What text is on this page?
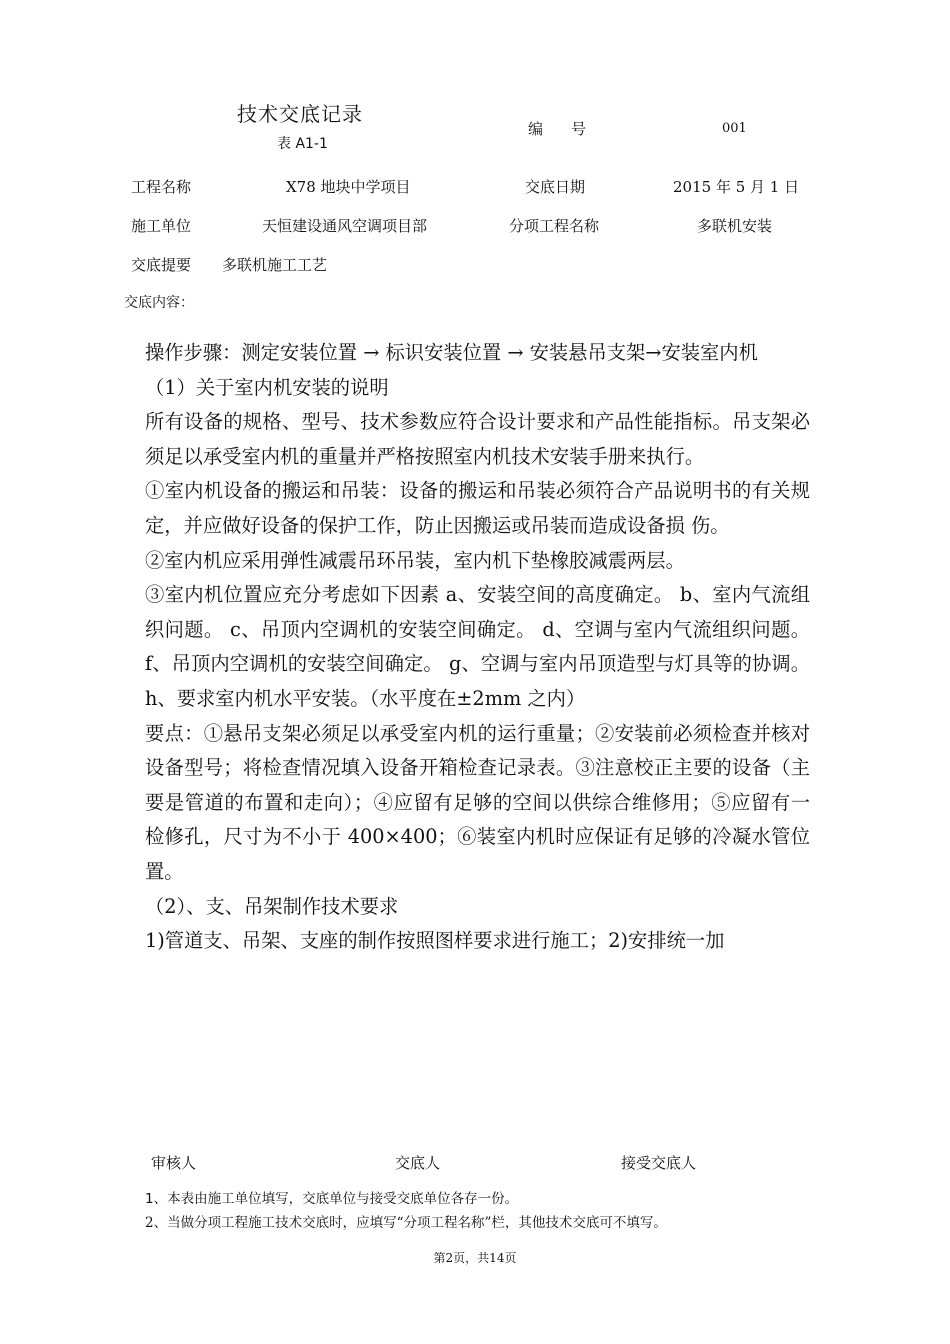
技术交底记录
表 A1-1
编 号	001
工程名称	X78 地块中学项目	交底日期	2015 年 5 月 1 日
施工单位	天恒建设通风空调项目部	分项工程名称	多联机安装
交底提要 多联机施工工艺
交底内容：

操作步骤：测定安装位置 → 标识安装位置 → 安装悬吊支架→安装室内机

（1）关于室内机安装的说明

所有设备的规格、型号、技术参数应符合设计要求和产品性能指标。吊支架必须足以承受室内机的重量并严格按照室内机技术安装手册来执行。

①室内机设备的搬运和吊装：设备的搬运和吊装必须符合产品说明书的有关规定，并应做好设备的保护工作，防止因搬运或吊装而造成设备损 伤。

②室内机应采用弹性减震吊环吊装，室内机下垫橡胶减震两层。

③室内机位置应充分考虑如下因素 a、安装空间的高度确定。 b、室内气流组织问题。 c、吊顶内空调机的安装空间确定。 d、空调与室内气流组织问题。 f、吊顶内空调机的安装空间确定。 g、空调与室内吊顶造型与灯具等的协调。 h、要求室内机水平安装。（水平度在±2mm 之内）

要点：①悬吊支架必须足以承受室内机的运行重量；②安装前必须检查并核对设备型号；将检查情况填入设备开箱检查记录表。③注意校正主要的设备（主要是管道的布置和走向）；④应留有足够的空间以供综合维修用；⑤应留有一检修孔，尺寸为不小于 400×400；⑥装室内机时应保证有足够的冷凝水管位置。

（2）、支、吊架制作技术要求

1)管道支、吊架、支座的制作按照图样要求进行施工；2)安排统一加

审核人	交底人	接受交底人
1、本表由施工单位填写，交底单位与接受交底单位各存一份。
2、当做分项工程施工技术交底时，应填写“分项工程名称”栏，其他技术交底可不填写。
第2页，共14页
